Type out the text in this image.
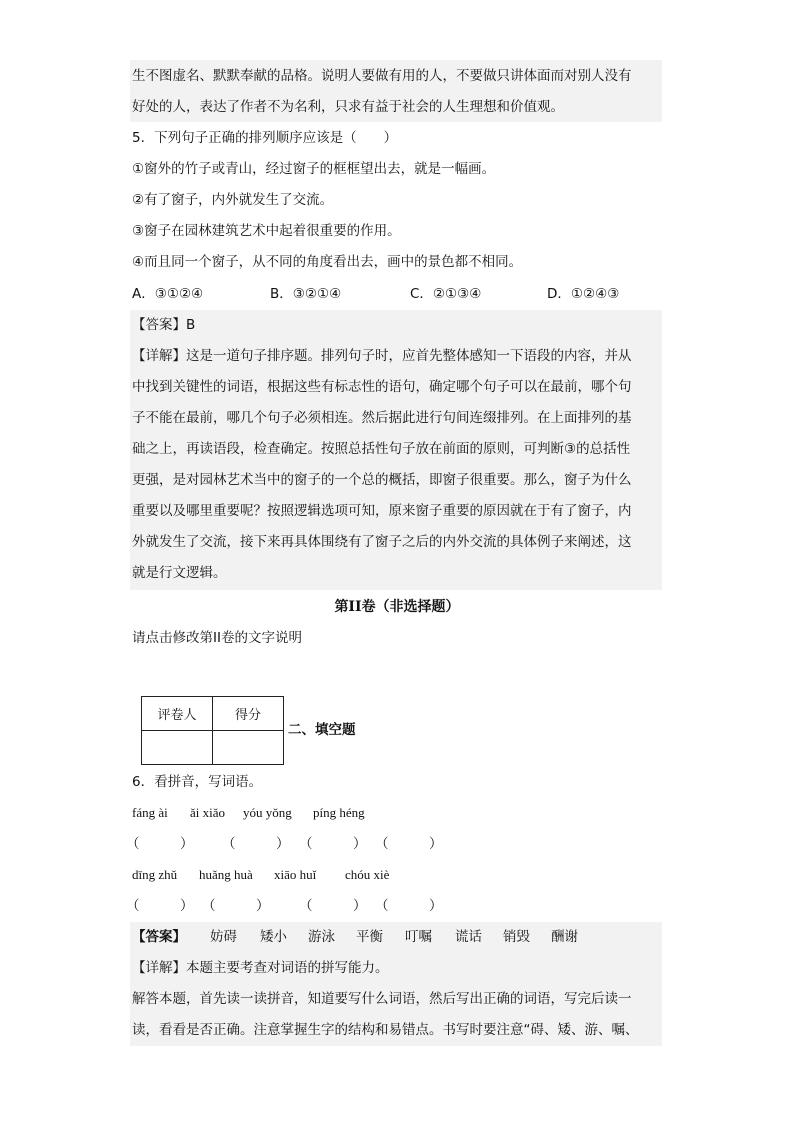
生不图虚名、默默奉献的品格。说明人要做有用的人，不要做只讲体面而对别人没有
好处的人，表达了作者不为名利，只求有益于社会的人生理想和价值观。
5．下列句子正确的排列顺序应该是（　　）
①窗外的竹子或青山，经过窗子的框框望出去，就是一幅画。
②有了窗子，内外就发生了交流。
③窗子在园林建筑艺术中起着很重要的作用。
④而且同一个窗子，从不同的角度看出去，画中的景色都不相同。
A．③①②④	B．③②①④	C．②①③④	D．①②④③
【答案】B
【详解】这是一道句子排序题。排列句子时，应首先整体感知一下语段的内容，并从
中找到关键性的词语，根据这些有标志性的语句，确定哪个句子可以在最前，哪个句
子不能在最前，哪几个句子必须相连。然后据此进行句间连缀排列。在上面排列的基
础之上，再读语段，检查确定。按照总括性句子放在前面的原则，可判断③的总括性
更强，是对园林艺术当中的窗子的一个总的概括，即窗子很重要。那么，窗子为什么
重要以及哪里重要呢？按照逻辑选项可知，原来窗子重要的原因就在于有了窗子，内
外就发生了交流，接下来再具体围绕有了窗子之后的内外交流的具体例子来阐述，这
就是行文逻辑。
第II卷（非选择题）
请点击修改第II卷的文字说明
评卷人	得分

二、填空题
6．看拼音，写词语。
fáng ài ǎi xiǎo yóu yǒng píng héng
（　　　） （　　　） （　　　） （　　　）
dīng zhǔ huǎng huà xiāo huǐ chóu xiè
（　　　） （　　　） （　　　） （　　　）
【答案】 妨碍 矮小 游泳 平衡 叮嘱 谎话 销毁 酬谢
【详解】本题主要考查对词语的拼写能力。
解答本题，首先读一读拼音，知道要写什么词语，然后写出正确的词语，写完后读一
读，看看是否正确。注意掌握生字的结构和易错点。书写时要注意“碍、矮、游、嘱、
